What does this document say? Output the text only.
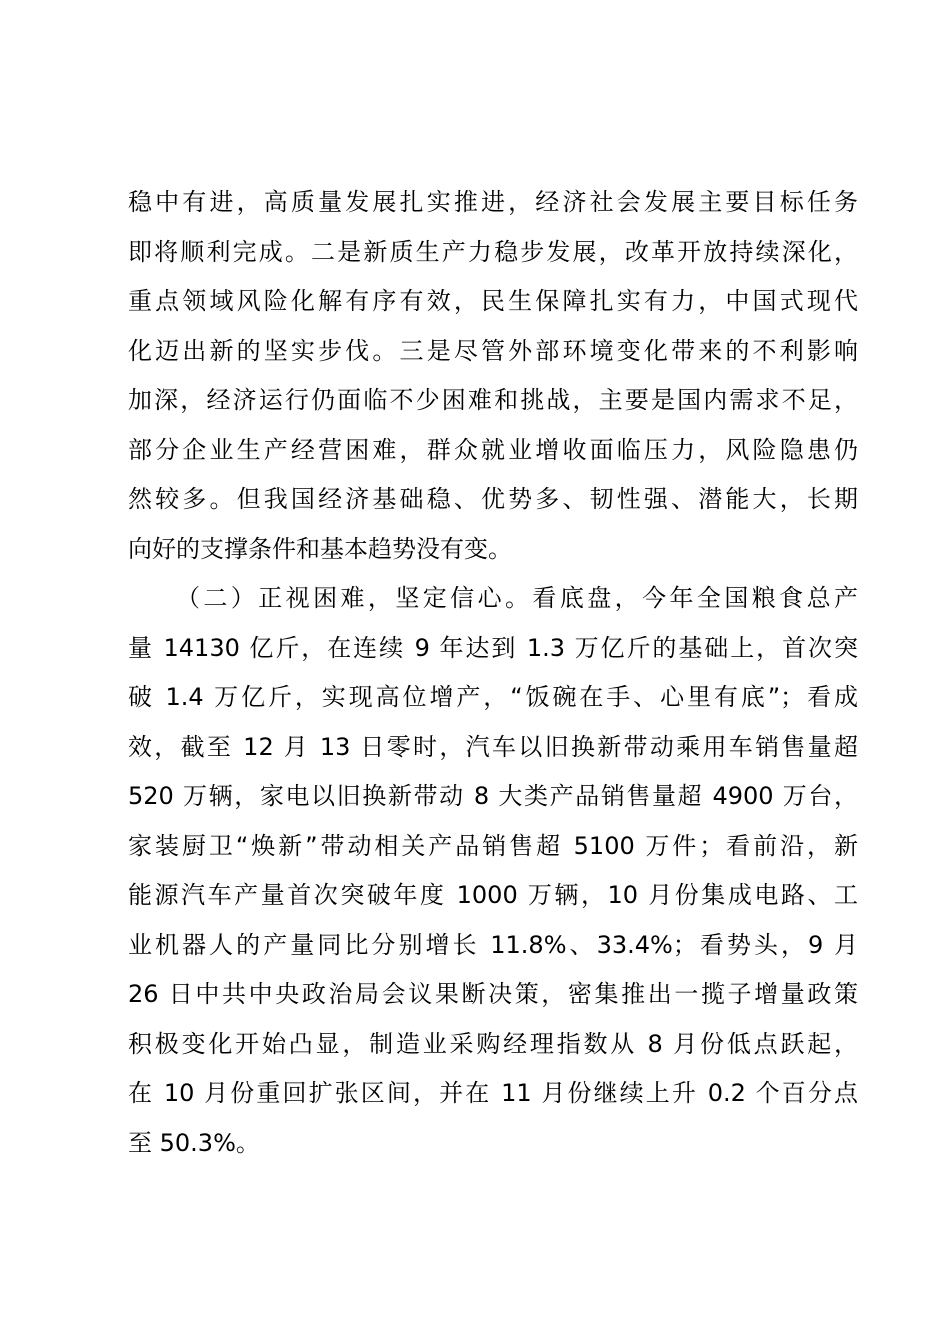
稳中有进，高质量发展扎实推进，经济社会发展主要目标任务
即将顺利完成。二是新质生产力稳步发展，改革开放持续深化，
重点领域风险化解有序有效，民生保障扎实有力，中国式现代
化迈出新的坚实步伐。三是尽管外部环境变化带来的不利影响
加深，经济运行仍面临不少困难和挑战，主要是国内需求不足，
部分企业生产经营困难，群众就业增收面临压力，风险隐患仍
然较多。但我国经济基础稳、优势多、韧性强、潜能大，长期
向好的支撑条件和基本趋势没有变。
（二）正视困难，坚定信心。看底盘，今年全国粮食总产
量 14130 亿斤，在连续 9 年达到 1.3 万亿斤的基础上，首次突
破 1.4 万亿斤，实现高位增产，“饭碗在手、心里有底”；看成
效，截至 12 月 13 日零时，汽车以旧换新带动乘用车销售量超
520 万辆，家电以旧换新带动 8 大类产品销售量超 4900 万台，
家装厨卫“焕新”带动相关产品销售超 5100 万件；看前沿，新
能源汽车产量首次突破年度 1000 万辆，10 月份集成电路、工
业机器人的产量同比分别增长 11.8%、33.4%；看势头，9 月
26 日中共中央政治局会议果断决策，密集推出一揽子增量政策
积极变化开始凸显，制造业采购经理指数从 8 月份低点跃起，
在 10 月份重回扩张区间，并在 11 月份继续上升 0.2 个百分点
至 50.3%。
